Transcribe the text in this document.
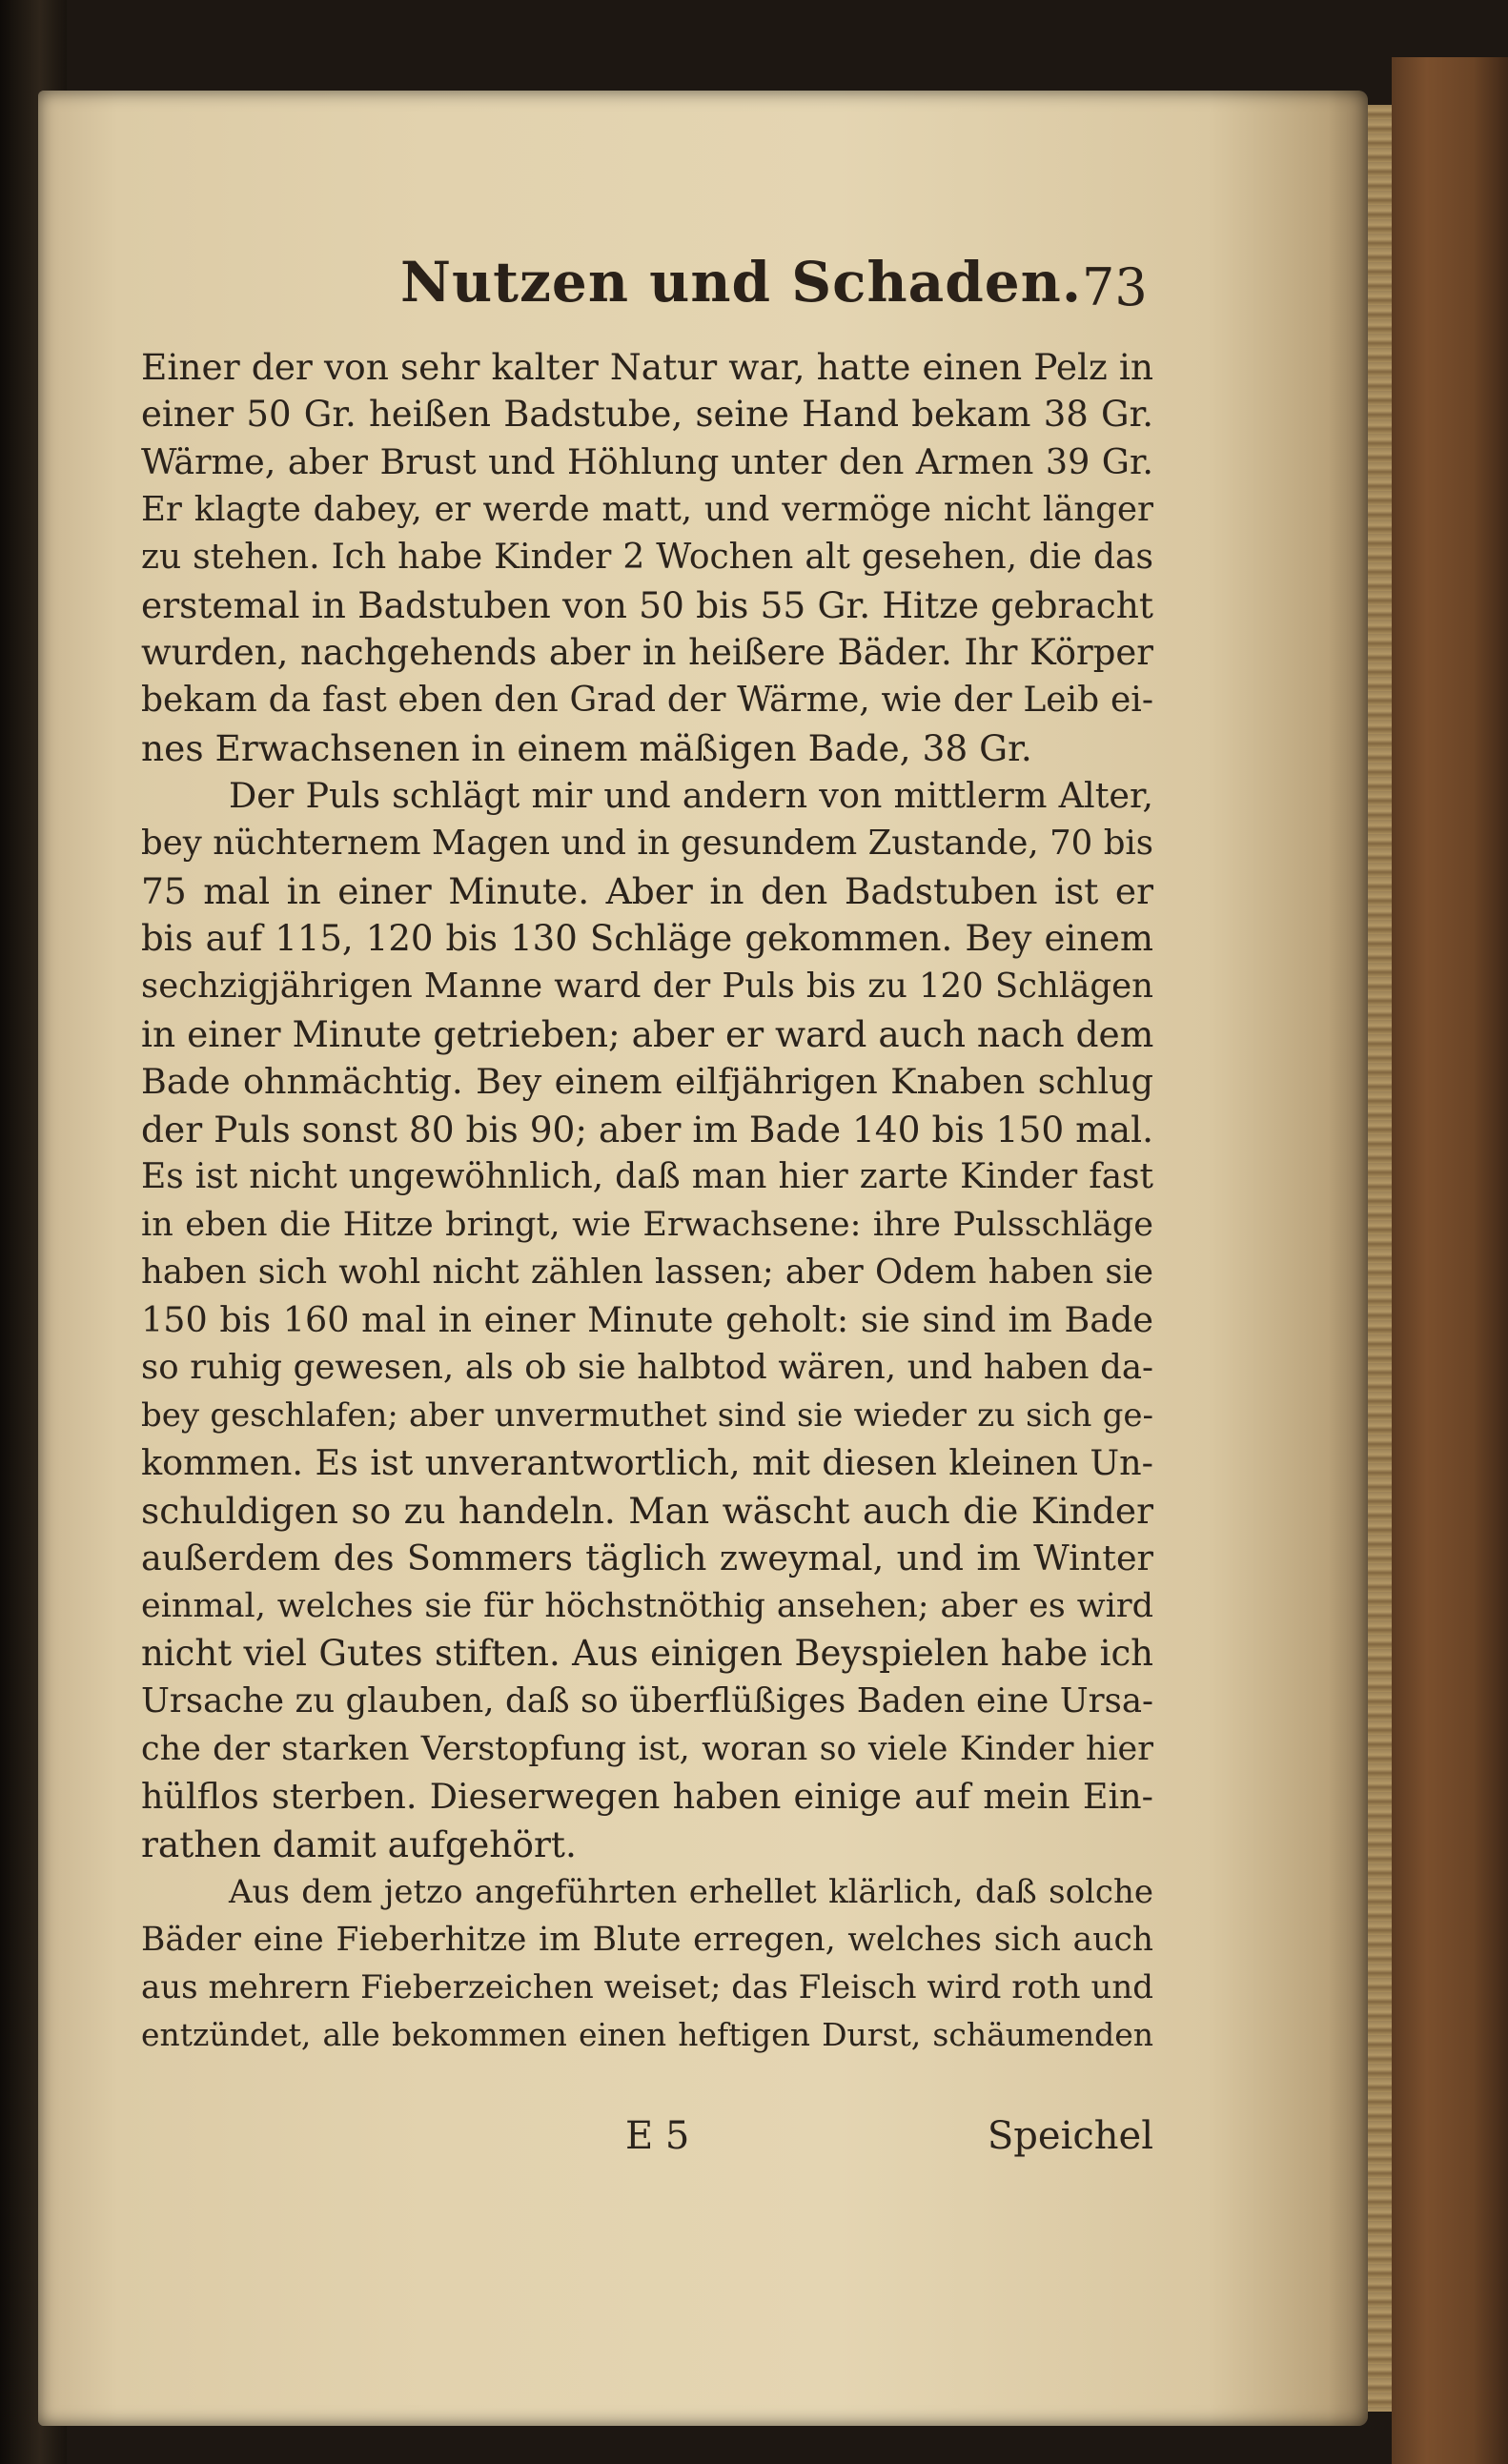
Nutzen und Schaden. 73
Einer der von sehr kalter Natur war, hatte einen Pelz in
einer 50 Gr. heißen Badstube, seine Hand bekam 38 Gr.
Wärme, aber Brust und Höhlung unter den Armen 39 Gr.
Er klagte dabey, er werde matt, und vermöge nicht länger
zu stehen. Ich habe Kinder 2 Wochen alt gesehen, die das
erstemal in Badstuben von 50 bis 55 Gr. Hitze gebracht
wurden, nachgehends aber in heißere Bäder. Ihr Körper
bekam da fast eben den Grad der Wärme, wie der Leib ei-
nes Erwachsenen in einem mäßigen Bade, 38 Gr.
Der Puls schlägt mir und andern von mittlerm Alter,
bey nüchternem Magen und in gesundem Zustande, 70 bis
75 mal in einer Minute. Aber in den Badstuben ist er
bis auf 115, 120 bis 130 Schläge gekommen. Bey einem
sechzigjährigen Manne ward der Puls bis zu 120 Schlägen
in einer Minute getrieben; aber er ward auch nach dem
Bade ohnmächtig. Bey einem eilfjährigen Knaben schlug
der Puls sonst 80 bis 90; aber im Bade 140 bis 150 mal.
Es ist nicht ungewöhnlich, daß man hier zarte Kinder fast
in eben die Hitze bringt, wie Erwachsene: ihre Pulsschläge
haben sich wohl nicht zählen lassen; aber Odem haben sie
150 bis 160 mal in einer Minute geholt: sie sind im Bade
so ruhig gewesen, als ob sie halbtod wären, und haben da-
bey geschlafen; aber unvermuthet sind sie wieder zu sich ge-
kommen. Es ist unverantwortlich, mit diesen kleinen Un-
schuldigen so zu handeln. Man wäscht auch die Kinder
außerdem des Sommers täglich zweymal, und im Winter
einmal, welches sie für höchstnöthig ansehen; aber es wird
nicht viel Gutes stiften. Aus einigen Beyspielen habe ich
Ursache zu glauben, daß so überflüßiges Baden eine Ursa-
che der starken Verstopfung ist, woran so viele Kinder hier
hülflos sterben. Dieserwegen haben einige auf mein Ein-
rathen damit aufgehört.
Aus dem jetzo angeführten erhellet klärlich, daß solche
Bäder eine Fieberhitze im Blute erregen, welches sich auch
aus mehrern Fieberzeichen weiset; das Fleisch wird roth und
entzündet, alle bekommen einen heftigen Durst, schäumenden
E 5	Speichel
